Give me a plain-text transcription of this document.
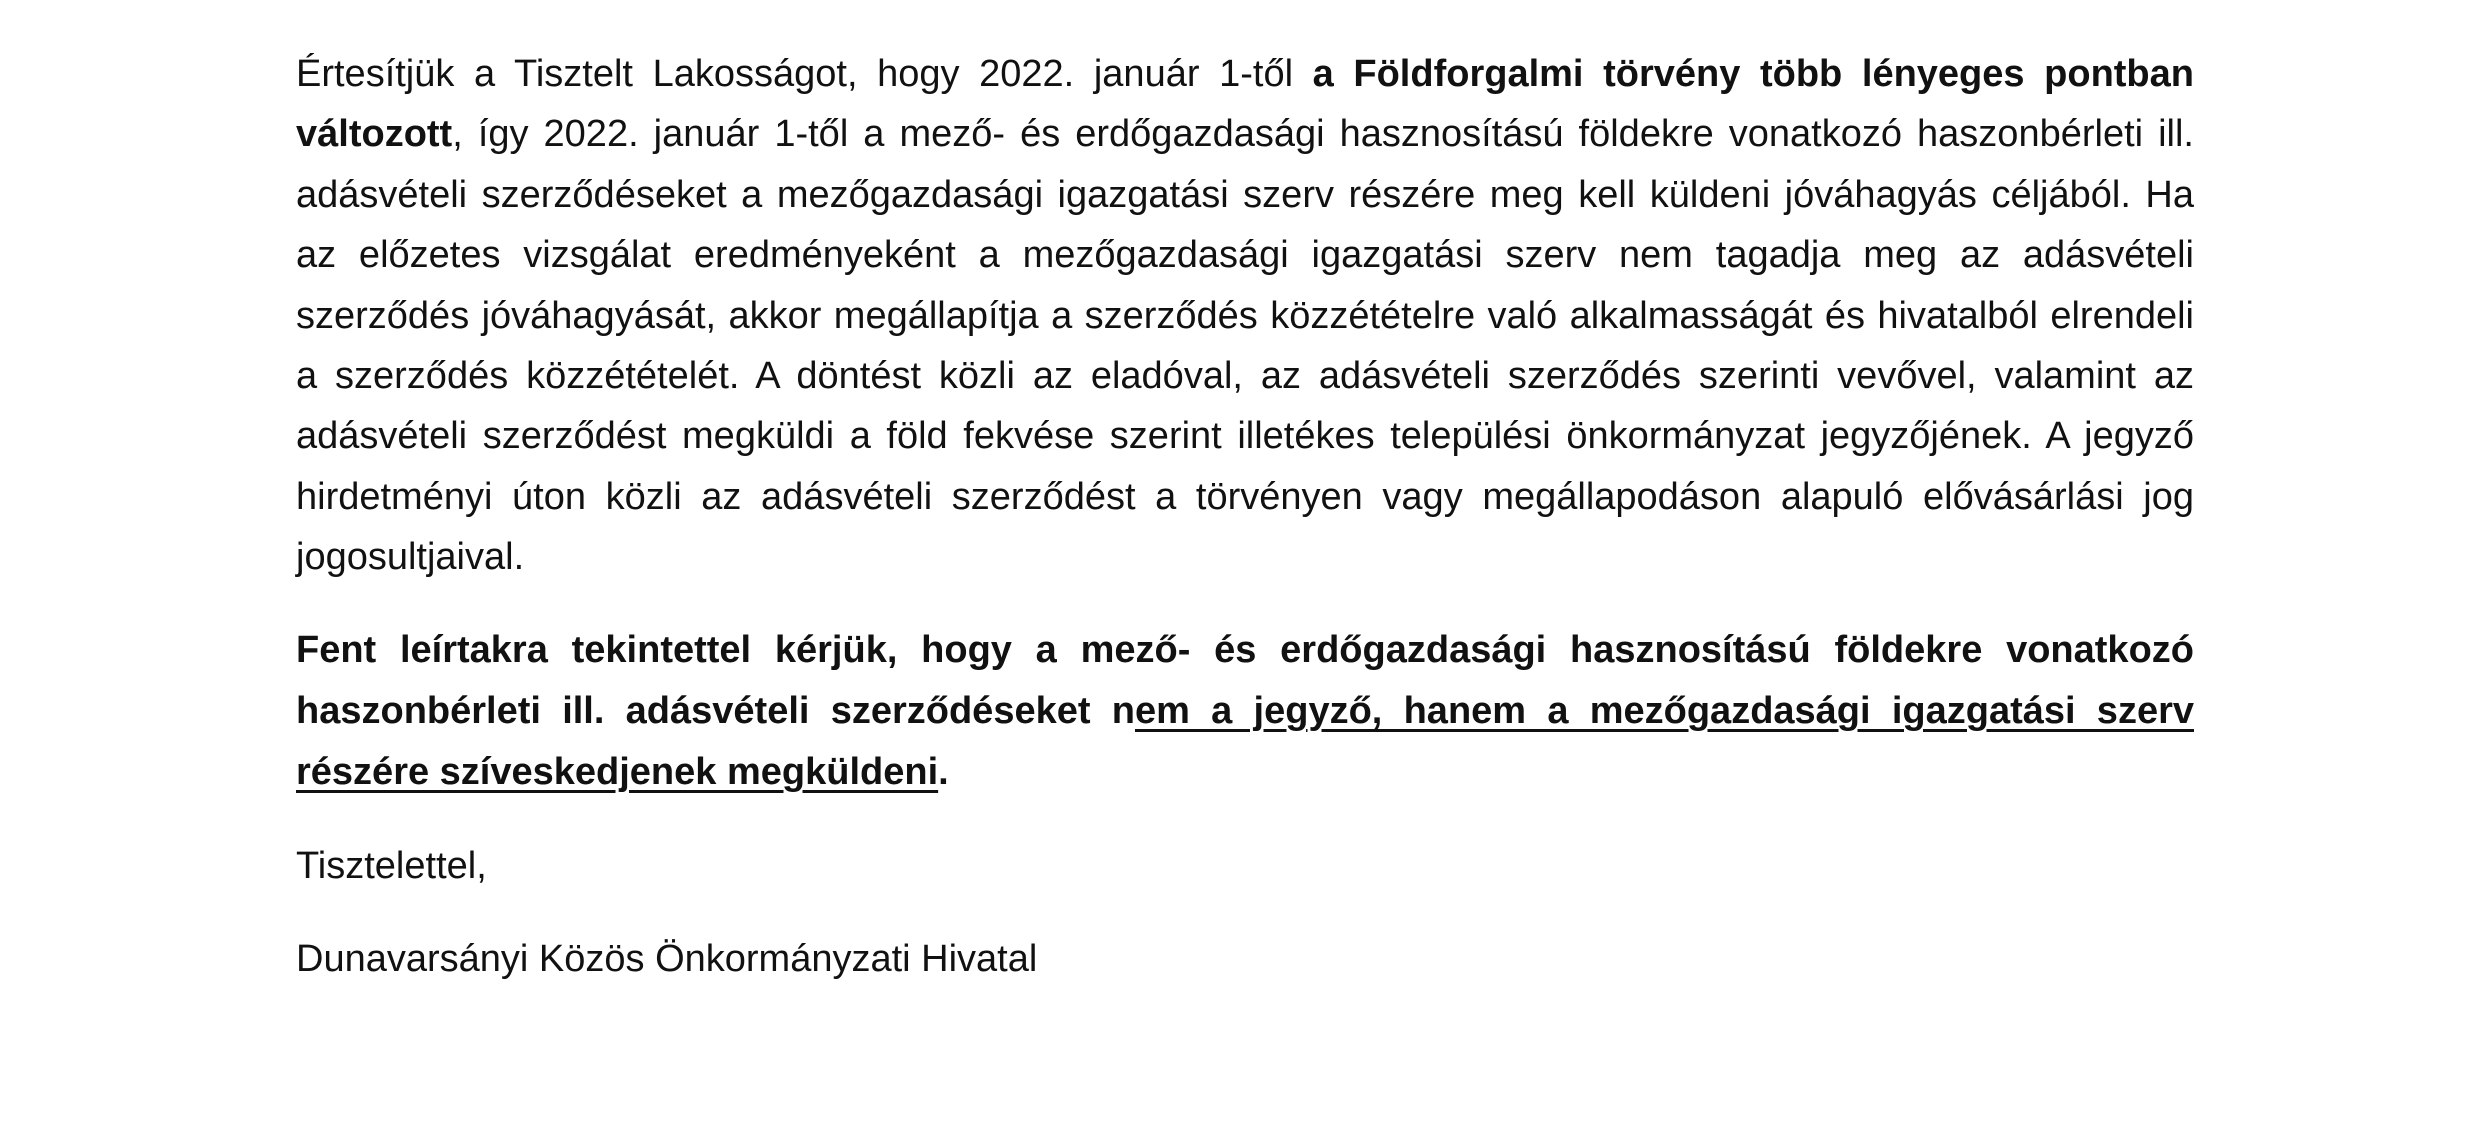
Értesítjük a Tisztelt Lakosságot, hogy 2022. január 1-től a Földforgalmi törvény több lényeges pontban változott, így 2022. január 1-től a mező- és erdőgazdasági hasznosítású földekre vonatkozó haszonbérleti ill. adásvételi szerződéseket a mezőgazdasági igazgatási szerv részére meg kell küldeni jóváhagyás céljából. Ha az előzetes vizsgálat eredményeként a mezőgazdasági igazgatási szerv nem tagadja meg az adásvételi szerződés jóváhagyását, akkor megállapítja a szerződés közzétételre való alkalmasságát és hivatalból elrendeli a szerződés közzétételét. A döntést közli az eladóval, az adásvételi szerződés szerinti vevővel, valamint az adásvételi szerződést megküldi a föld fekvése szerint illetékes települési önkormányzat jegyzőjének. A jegyző hirdetményi úton közli az adásvételi szerződést a törvényen vagy megállapodáson alapuló elővásárlási jog jogosultjaival.

Fent leírtakra tekintettel kérjük, hogy a mező- és erdőgazdasági hasznosítású földekre vonatkozó haszonbérleti ill. adásvételi szerződéseket nem a jegyző, hanem a mezőgazdasági igazgatási szerv részére szíveskedjenek megküldeni.

Tisztelettel,

Dunavarsányi Közös Önkormányzati Hivatal
